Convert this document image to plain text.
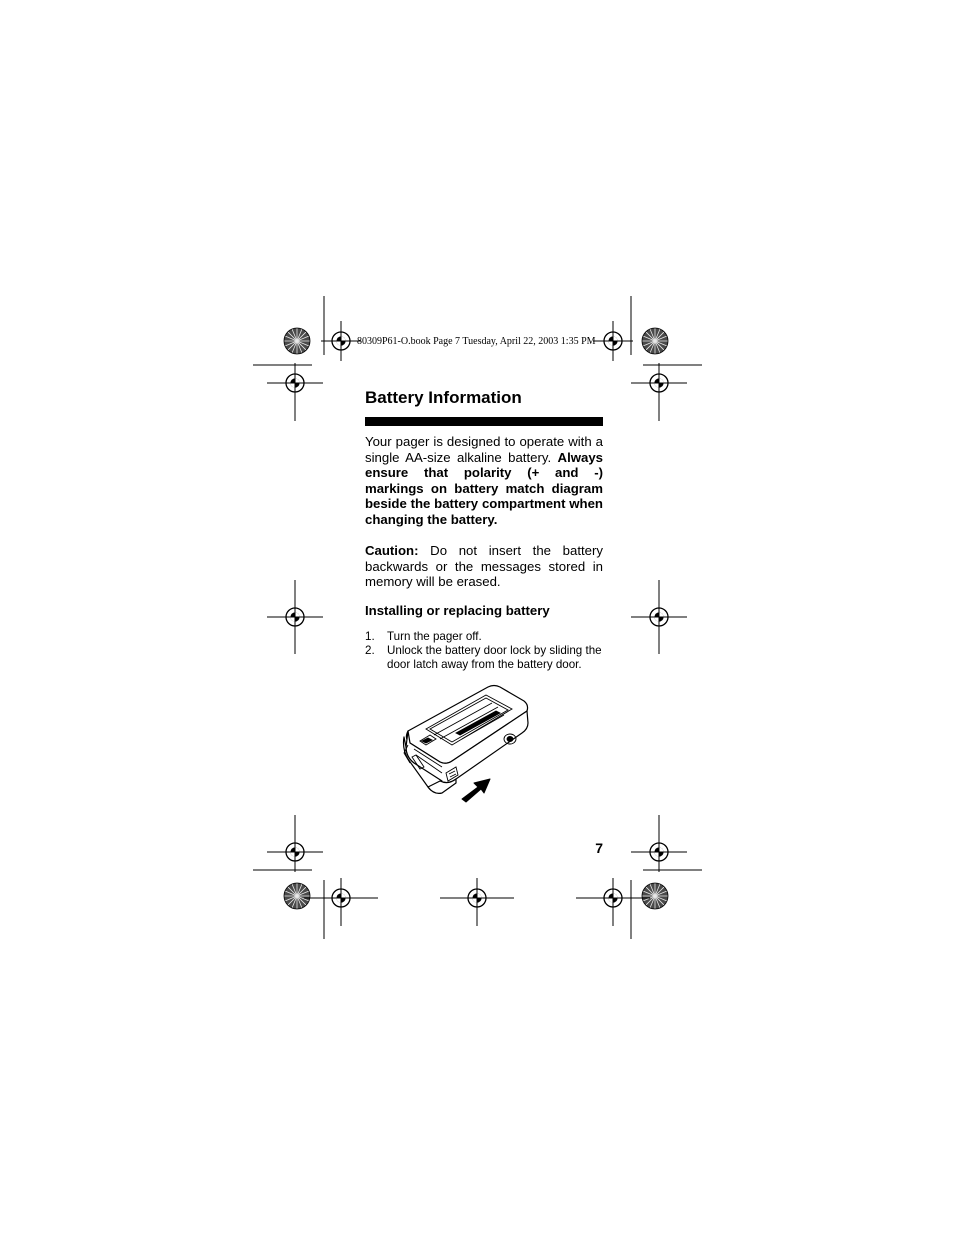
80309P61-O.book Page 7 Tuesday, April 22, 2003 1:35 PM
Battery Information

Your pager is designed to operate with a single AA-size alkaline battery. Always ensure that polarity (+ and -) markings on battery match diagram beside the battery compartment when changing the battery.

Caution: Do not insert the battery backwards or the messages stored in memory will be erased.

Installing or replacing battery
1. Turn the pager off.
2. Unlock the battery door lock by sliding the door latch away from the battery door.
7
